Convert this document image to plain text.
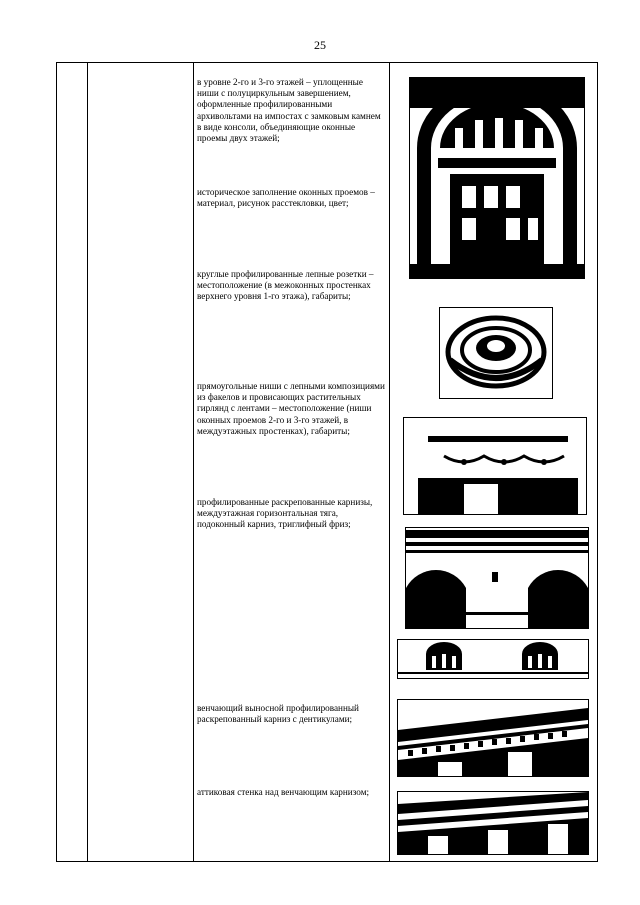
25
в уровне 2-го и 3-го этажей – уплощенные ниши с полуциркульным завершением, оформленные профилированными архивольтами на импостах с замковым камнем в виде консоли, объединяющие оконные проемы двух этажей;
историческое заполнение оконных проемов – материал, рисунок расстекловки, цвет;
круглые профилированные лепные розетки – местоположение (в межоконных простенках верхнего уровня 1-го этажа), габариты;
прямоугольные ниши с лепными композициями из факелов и провисающих растительных гирлянд с лентами – местоположение (ниши оконных проемов 2-го и 3-го этажей, в междуэтажных простенках), габариты;
профилированные раскрепованные карнизы, междуэтажная горизонтальная тяга, подоконный карниз, триглифный фриз;
венчающий выносной профилированный раскрепованный карниз с дентикулами;
аттиковая стенка над венчающим карнизом;
